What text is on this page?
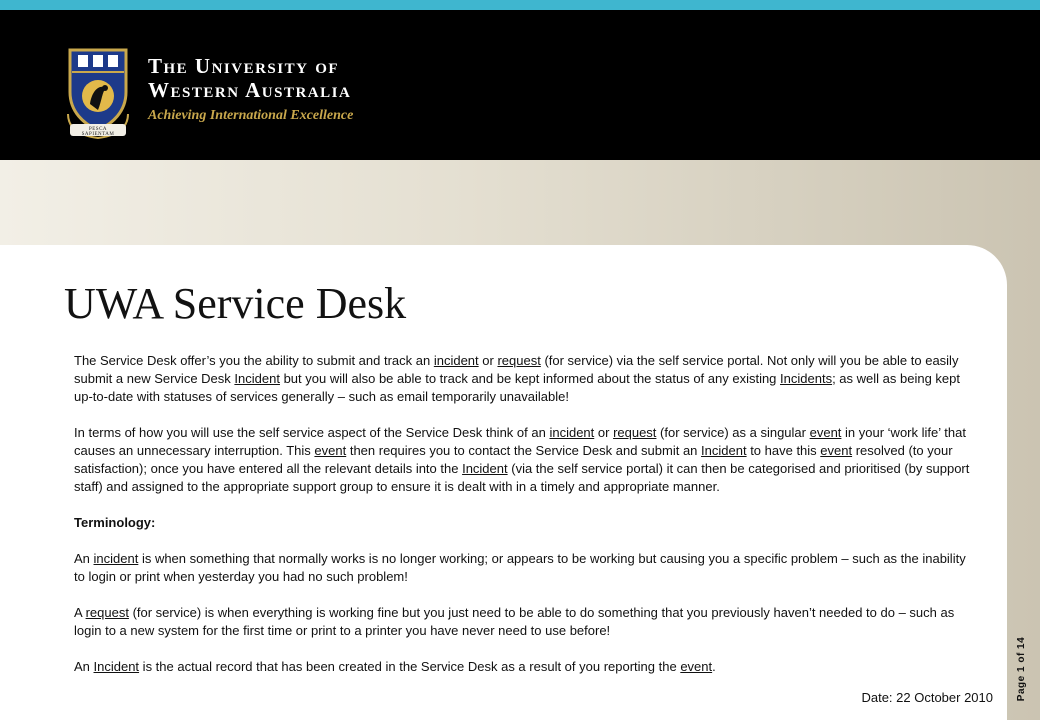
PESCA SAPIENTAM
The University of
Western Australia
Achieving International Excellence
UWA Service Desk

The Service Desk offer’s you the ability to submit and track an incident or request (for service) via the self service portal. Not only will you be able to easily submit a new Service Desk Incident but you will also be able to track and be kept informed about the status of any existing Incidents; as well as being kept up-to-date with statuses of services generally – such as email temporarily unavailable!

In terms of how you will use the self service aspect of the Service Desk think of an incident or request (for service) as a singular event in your ‘work life’ that causes an unnecessary interruption. This event then requires you to contact the Service Desk and submit an Incident to have this event resolved (to your satisfaction); once you have entered all the relevant details into the Incident (via the self service portal) it can then be categorised and prioritised (by support staff) and assigned to the appropriate support group to ensure it is dealt with in a timely and appropriate manner.

Terminology:

An incident is when something that normally works is no longer working; or appears to be working but causing you a specific problem – such as the inability to login or print when yesterday you had no such problem!

A request (for service) is when everything is working fine but you just need to be able to do something that you previously haven’t needed to do – such as login to a new system for the first time or print to a printer you have never need to use before!

An Incident is the actual record that has been created in the Service Desk as a result of you reporting the event.

Date: 22 October 2010 Page 1 of 14
